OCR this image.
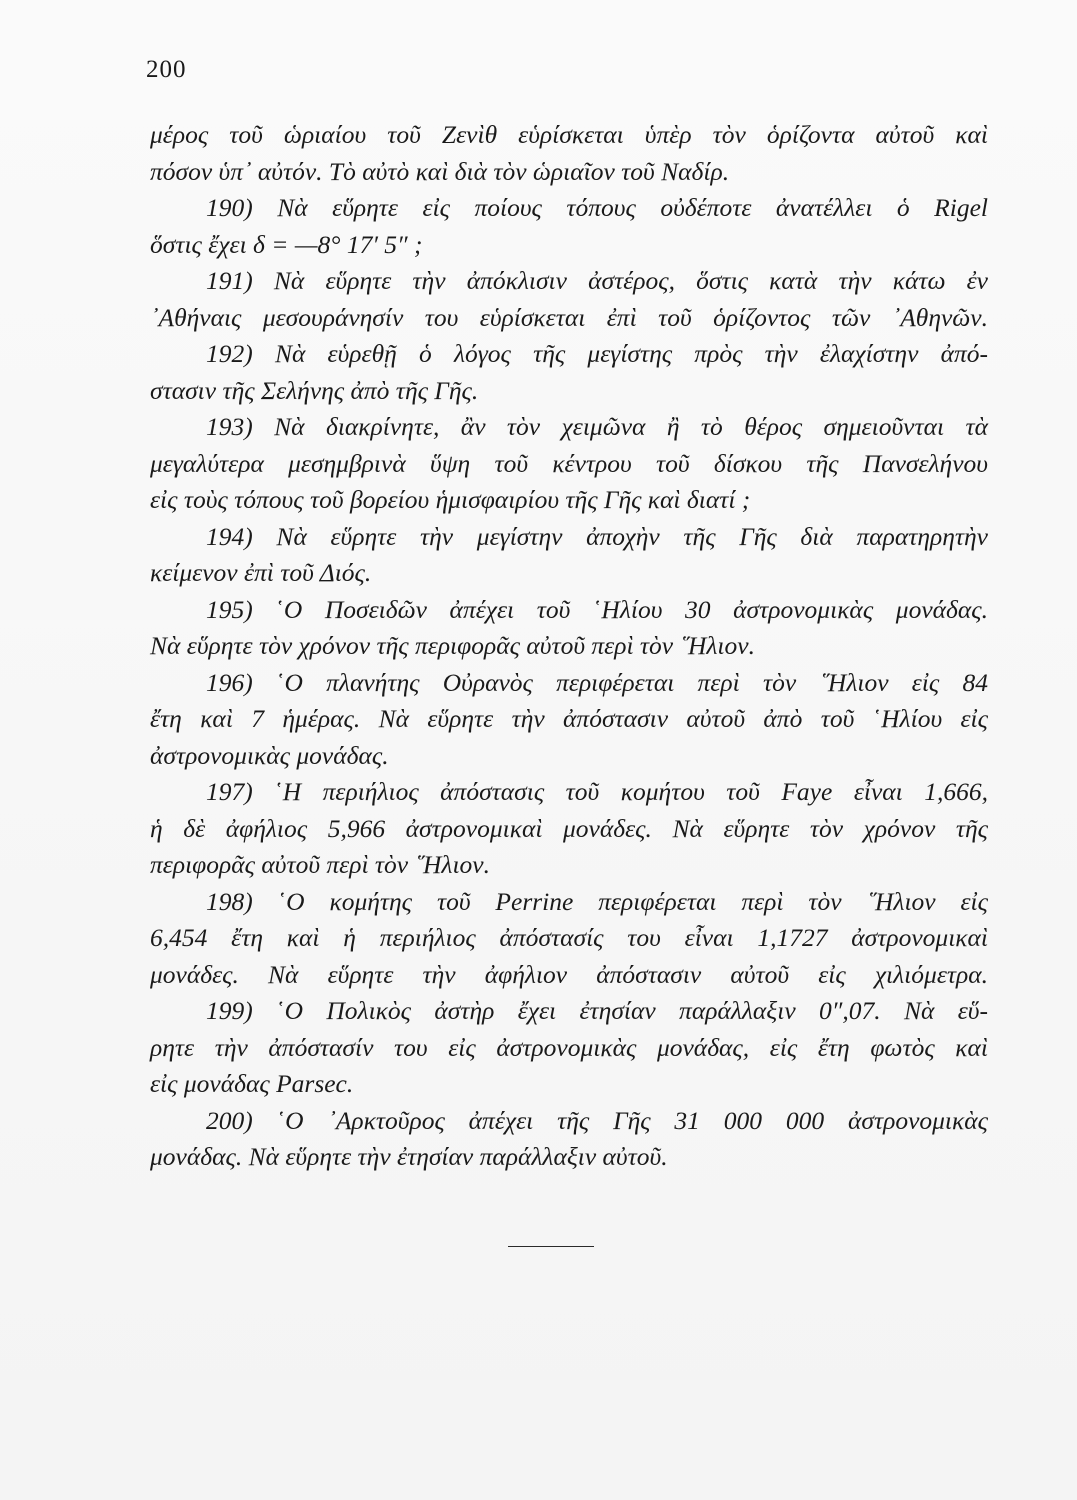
200
μέρος τοῦ ὡριαίου τοῦ Ζενὶθ εὑρίσκεται ὑπὲρ τὸν ὁρίζοντα αὐτοῦ καὶ
πόσον ὑπ᾽ αὐτόν. Τὸ αὐτὸ καὶ διὰ τὸν ὡριαῖον τοῦ Ναδίρ.
190) Νὰ εὕρητε εἰς ποίους τόπους οὐδέποτε ἀνατέλλει ὁ Rigel
ὅστις ἔχει δ = —8° 17′ 5″ ;
191) Νὰ εὕρητε τὴν ἀπόκλισιν ἀστέρος, ὅστις κατὰ τὴν κάτω ἐν
᾽Αθήναις μεσουράνησίν του εὑρίσκεται ἐπὶ τοῦ ὁρίζοντος τῶν ᾽Αθηνῶν.
192) Νὰ εὑρεθῇ ὁ λόγος τῆς μεγίστης πρὸς τὴν ἐλαχίστην ἀπό-
στασιν τῆς Σελήνης ἀπὸ τῆς Γῆς.
193) Νὰ διακρίνητε, ἂν τὸν χειμῶνα ἢ τὸ θέρος σημειοῦνται τὰ
μεγαλύτερα μεσημβρινὰ ὕψη τοῦ κέντρου τοῦ δίσκου τῆς Πανσελήνου
εἰς τοὺς τόπους τοῦ βορείου ἡμισφαιρίου τῆς Γῆς καὶ διατί ;
194) Νὰ εὕρητε τὴν μεγίστην ἀποχὴν τῆς Γῆς διὰ παρατηρητὴν
κείμενον ἐπὶ τοῦ Διός.
195) ῾Ο Ποσειδῶν ἀπέχει τοῦ ῾Ηλίου 30 ἀστρονομικὰς μονάδας.
Νὰ εὕρητε τὸν χρόνον τῆς περιφορᾶς αὐτοῦ περὶ τὸν ῞Ηλιον.
196) ῾Ο πλανήτης Οὐρανὸς περιφέρεται περὶ τὸν ῞Ηλιον εἰς 84
ἔτη καὶ 7 ἡμέρας. Νὰ εὕρητε τὴν ἀπόστασιν αὐτοῦ ἀπὸ τοῦ ῾Ηλίου εἰς
ἀστρονομικὰς μονάδας.
197) ῾Η περιήλιος ἀπόστασις τοῦ κομήτου τοῦ Faye εἶναι 1,666,
ἡ δὲ ἀφήλιος 5,966 ἀστρονομικαὶ μονάδες. Νὰ εὕρητε τὸν χρόνον τῆς
περιφορᾶς αὐτοῦ περὶ τὸν ῞Ηλιον.
198) ῾Ο κομήτης τοῦ Perrine περιφέρεται περὶ τὸν ῞Ηλιον εἰς
6,454 ἔτη καὶ ἡ περιήλιος ἀπόστασίς του εἶναι 1,1727 ἀστρονομικαὶ
μονάδες. Νὰ εὕρητε τὴν ἀφήλιον ἀπόστασιν αὐτοῦ εἰς χιλιόμετρα.
199) ῾Ο Πολικὸς ἀστὴρ ἔχει ἐτησίαν παράλλαξιν 0″,07. Νὰ εὕ-
ρητε τὴν ἀπόστασίν του εἰς ἀστρονομικὰς μονάδας, εἰς ἔτη φωτὸς καὶ
εἰς μονάδας Parsec.
200) ῾Ο ᾽Αρκτοῦρος ἀπέχει τῆς Γῆς 31 000 000 ἀστρονομικὰς
μονάδας. Νὰ εὕρητε τὴν ἐτησίαν παράλλαξιν αὐτοῦ.
